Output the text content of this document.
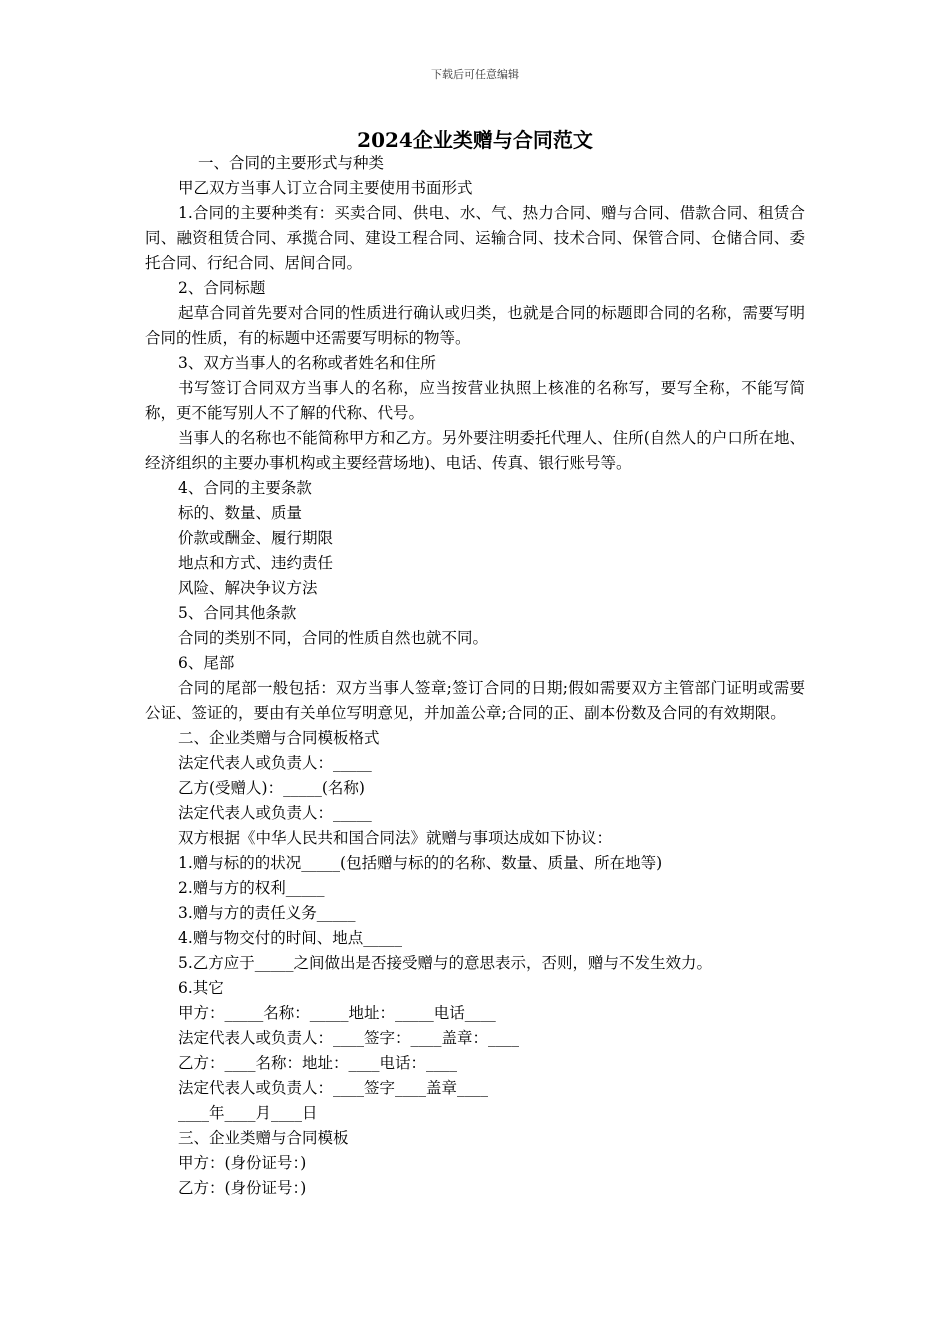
下载后可任意编辑
2024企业类赠与合同范文

一、合同的主要形式与种类

甲乙双方当事人订立合同主要使用书面形式

1.合同的主要种类有：买卖合同、供电、水、气、热力合同、赠与合同、借款合同、租赁合同、融资租赁合同、承揽合同、建设工程合同、运输合同、技术合同、保管合同、仓储合同、委托合同、行纪合同、居间合同。

2、合同标题

起草合同首先要对合同的性质进行确认或归类，也就是合同的标题即合同的名称，需要写明合同的性质，有的标题中还需要写明标的物等。

3、双方当事人的名称或者姓名和住所

书写签订合同双方当事人的名称，应当按营业执照上核准的名称写，要写全称，不能写简称，更不能写别人不了解的代称、代号。

当事人的名称也不能简称甲方和乙方。另外要注明委托代理人、住所(自然人的户口所在地、经济组织的主要办事机构或主要经营场地)、电话、传真、银行账号等。

4、合同的主要条款

标的、数量、质量

价款或酬金、履行期限

地点和方式、违约责任

风险、解决争议方法

5、合同其他条款

合同的类别不同，合同的性质自然也就不同。

6、尾部

合同的尾部一般包括：双方当事人签章;签订合同的日期;假如需要双方主管部门证明或需要公证、签证的，要由有关单位写明意见，并加盖公章;合同的正、副本份数及合同的有效期限。

二、企业类赠与合同模板格式

法定代表人或负责人：_____

乙方(受赠人)：_____(名称)

法定代表人或负责人：_____

双方根据《中华人民共和国合同法》就赠与事项达成如下协议：

1.赠与标的的状况_____(包括赠与标的的名称、数量、质量、所在地等)

2.赠与方的权利_____

3.赠与方的责任义务_____

4.赠与物交付的时间、地点_____

5.乙方应于_____之间做出是否接受赠与的意思表示，否则，赠与不发生效力。

6.其它

甲方：_____名称：_____地址：_____电话____

法定代表人或负责人：____签字：____盖章：____

乙方：____名称：地址：____电话：____

法定代表人或负责人：____签字____盖章____

____年____月____日

三、企业类赠与合同模板

甲方：(身份证号：)

乙方：(身份证号：)
